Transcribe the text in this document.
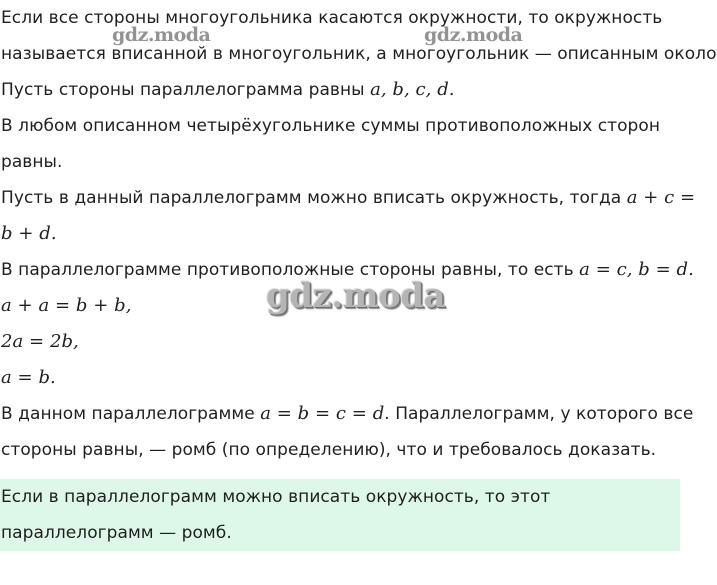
Если все стороны многоугольника касаются окружности, то окружность

называется вписанной в многоугольник, а многоугольник — описанным около

Пусть стороны параллелограмма равны a, b, c, d.

В любом описанном четырёхугольнике суммы противоположных сторон

равны.

Пусть в данный параллелограмм можно вписать окружность, тогда a + c =

b + d.

В параллелограмме противоположные стороны равны, то есть a = c, b = d.

a + a = b + b,

2a = 2b,

a = b.

В данном параллелограмме a = b = c = d. Параллелограмм, у которого все

стороны равны, — ромб (по определению), что и требовалось доказать.

Если в параллелограмм можно вписать окружность, то этот

параллелограмм — ромб.

gdz.moda	gdz.moda
gdz.moda
